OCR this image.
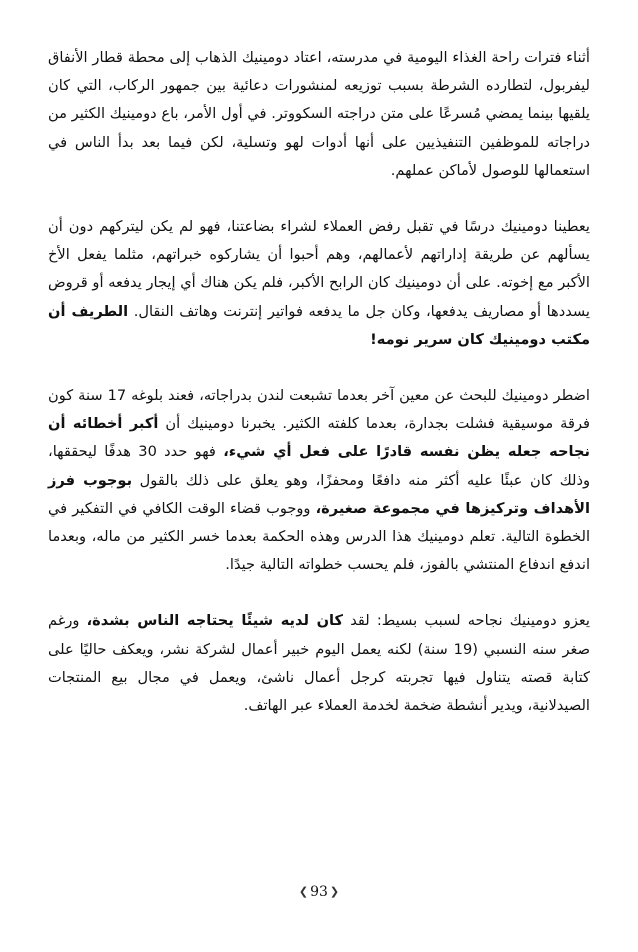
أثناء فترات راحة الغذاء اليومية في مدرسته، اعتاد دومينيك الذهاب إلى محطة قطار الأنفاق ليفربول، لتطارده الشرطة بسبب توزيعه لمنشورات دعائية بين جمهور الركاب، التي كان يلقيها بينما يمضي مُسرعًا على متن دراجته السكووتر. في أول الأمر، باع دومينيك الكثير من دراجاته للموظفين التنفيذيين على أنها أدوات لهو وتسلية، لكن فيما بعد بدأ الناس في استعمالها للوصول لأماكن عملهم.

يعطينا دومينيك درسًا في تقبل رفض العملاء لشراء بضاعتنا، فهو لم يكن ليتركهم دون أن يسألهم عن طريقة إداراتهم لأعمالهم، وهم أحبوا أن يشاركوه خبراتهم، مثلما يفعل الأخ الأكبر مع إخوته. على أن دومينيك كان الرابح الأكبر، فلم يكن هناك أي إيجار يدفعه أو قروض يسددها أو مصاريف يدفعها، وكان جل ما يدفعه فواتير إنترنت وهاتف النقال. الطريف أن مكتب دومينيك كان سرير نومه!

اضطر دومينيك للبحث عن معين آخر بعدما تشبعت لندن بدراجاته، فعند بلوغه 17 سنة كون فرقة موسيقية فشلت بجدارة، بعدما كلفته الكثير. يخبرنا دومينيك أن أكبر أخطائه أن نجاحه جعله يظن نفسه قادرًا على فعل أي شيء، فهو حدد 30 هدفًا ليحققها، وذلك كان عبئًا عليه أكثر منه دافعًا ومحفزًا، وهو يعلق على ذلك بالقول بوجوب فرز الأهداف وتركيزها في مجموعة صغيرة، ووجوب قضاء الوقت الكافي في التفكير في الخطوة التالية. تعلم دومينيك هذا الدرس وهذه الحكمة بعدما خسر الكثير من ماله، وبعدما اندفع اندفاع المنتشي بالفوز، فلم يحسب خطواته التالية جيدًا.

يعزو دومينيك نجاحه لسبب بسيط: لقد كان لديه شيئًا يحتاجه الناس بشدة، ورغم صغر سنه النسبي (19 سنة) لكنه يعمل اليوم خبير أعمال لشركة نشر، ويعكف حاليًا على كتابة قصته يتناول فيها تجربته كرجل أعمال ناشئ، ويعمل في مجال بيع المنتجات الصيدلانية، ويدير أنشطة ضخمة لخدمة العملاء عبر الهاتف.

❮ 93 ❯
